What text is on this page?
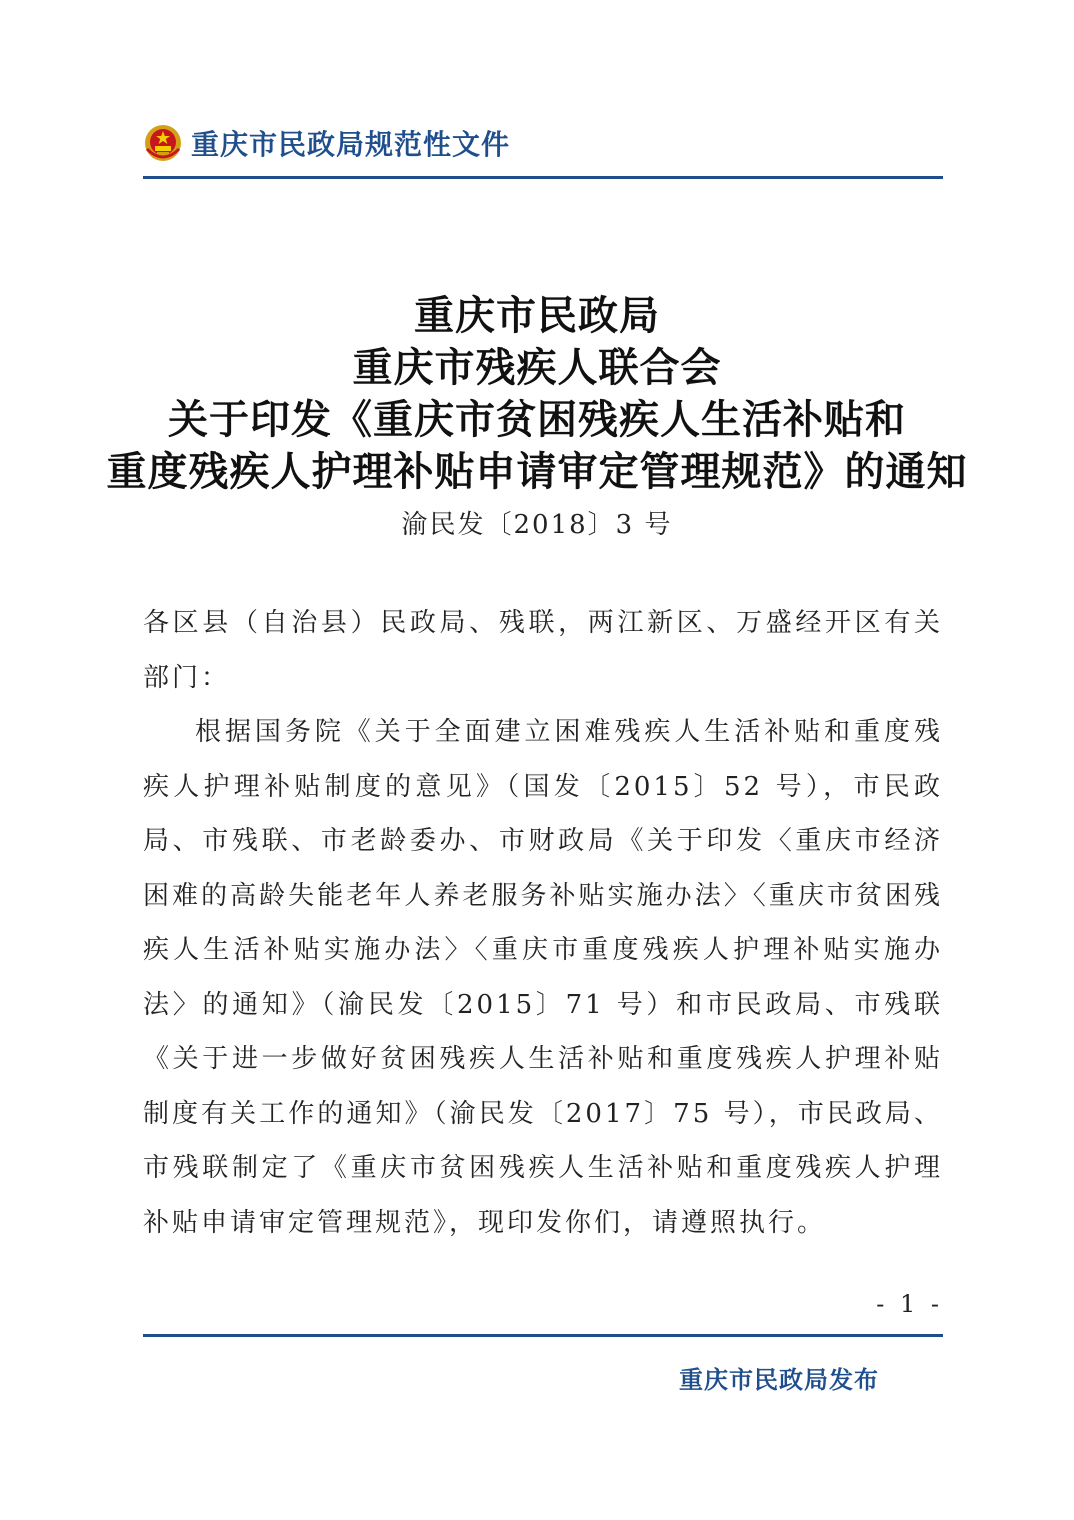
重庆市民政局规范性文件
重庆市民政局
重庆市残疾人联合会
关于印发《重庆市贫困残疾人生活补贴和
重度残疾人护理补贴申请审定管理规范》的通知
渝民发〔2018〕3 号

各区县（自治县）民政局、残联，两江新区、万盛经开区有关部门：

根据国务院《关于全面建立困难残疾人生活补贴和重度残疾人护理补贴制度的意见》（国发〔2015〕52 号），市民政局、市残联、市老龄委办、市财政局《关于印发〈重庆市经济困难的高龄失能老年人养老服务补贴实施办法〉〈重庆市贫困残疾人生活补贴实施办法〉〈重庆市重度残疾人护理补贴实施办法〉的通知》（渝民发〔2015〕71 号）和市民政局、市残联《关于进一步做好贫困残疾人生活补贴和重度残疾人护理补贴制度有关工作的通知》（渝民发〔2017〕75 号），市民政局、市残联制定了《重庆市贫困残疾人生活补贴和重度残疾人护理补贴申请审定管理规范》，现印发你们，请遵照执行。

- 1 -
重庆市民政局发布
